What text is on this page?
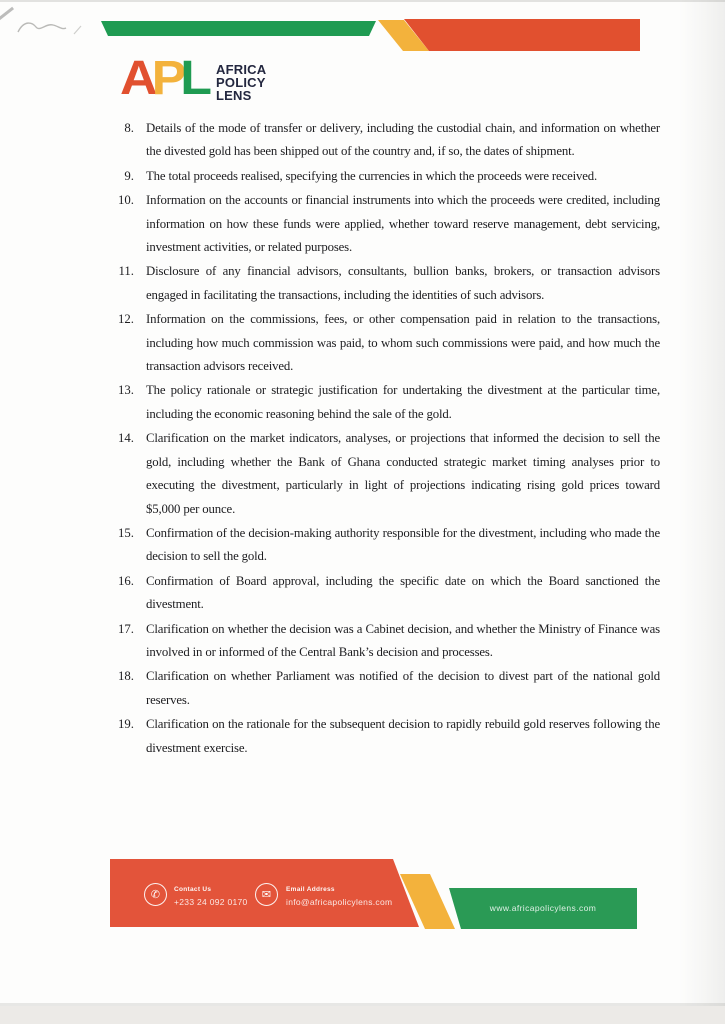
APL AFRICA
POLICY
LENS
8. Details of the mode of transfer or delivery, including the custodial chain, and information on whether the divested gold has been shipped out of the country and, if so, the dates of shipment.
9. The total proceeds realised, specifying the currencies in which the proceeds were received.
10. Information on the accounts or financial instruments into which the proceeds were credited, including information on how these funds were applied, whether toward reserve management, debt servicing, investment activities, or related purposes.
11. Disclosure of any financial advisors, consultants, bullion banks, brokers, or transaction advisors engaged in facilitating the transactions, including the identities of such advisors.
12. Information on the commissions, fees, or other compensation paid in relation to the transactions, including how much commission was paid, to whom such commissions were paid, and how much the transaction advisors received.
13. The policy rationale or strategic justification for undertaking the divestment at the particular time, including the economic reasoning behind the sale of the gold.
14. Clarification on the market indicators, analyses, or projections that informed the decision to sell the gold, including whether the Bank of Ghana conducted strategic market timing analyses prior to executing the divestment, particularly in light of projections indicating rising gold prices toward $5,000 per ounce.
15. Confirmation of the decision-making authority responsible for the divestment, including who made the decision to sell the gold.
16. Confirmation of Board approval, including the specific date on which the Board sanctioned the divestment.
17. Clarification on whether the decision was a Cabinet decision, and whether the Ministry of Finance was involved in or informed of the Central Bank’s decision and processes.
18. Clarification on whether Parliament was notified of the decision to divest part of the national gold reserves.
19. Clarification on the rationale for the subsequent decision to rapidly rebuild gold reserves following the divestment exercise.
✆ Contact Us
+233 24 092 0170
✉ Email Address
info@africapolicylens.com
www.africapolicylens.com
